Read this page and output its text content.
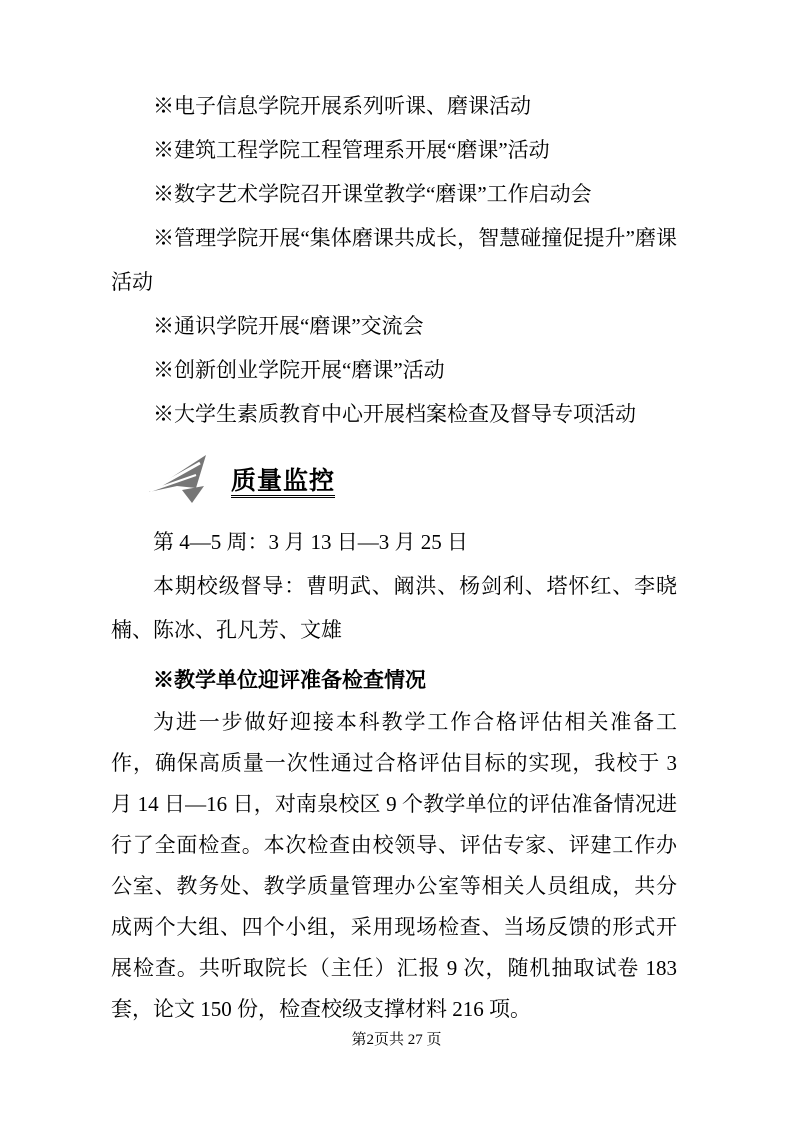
※电子信息学院开展系列听课、磨课活动

※建筑工程学院工程管理系开展“磨课”活动

※数字艺术学院召开课堂教学“磨课”工作启动会

※管理学院开展“集体磨课共成长，智慧碰撞促提升”磨课活动

※通识学院开展“磨课”交流会

※创新创业学院开展“磨课”活动

※大学生素质教育中心开展档案检查及督导专项活动

质量监控

第 4—5 周：3 月 13 日—3 月 25 日

本期校级督导：曹明武、阚洪、杨剑利、塔怀红、李晓楠、陈冰、孔凡芳、文雄

※教学单位迎评准备检查情况

为进一步做好迎接本科教学工作合格评估相关准备工作，确保高质量一次性通过合格评估目标的实现，我校于 3 月 14 日—16 日，对南泉校区 9 个教学单位的评估准备情况进行了全面检查。本次检查由校领导、评估专家、评建工作办公室、教务处、教学质量管理办公室等相关人员组成，共分成两个大组、四个小组，采用现场检查、当场反馈的形式开展检查。共听取院长（主任）汇报 9 次，随机抽取试卷 183 套，论文 150 份，检查校级支撑材料 216 项。

第2页共 27 页
